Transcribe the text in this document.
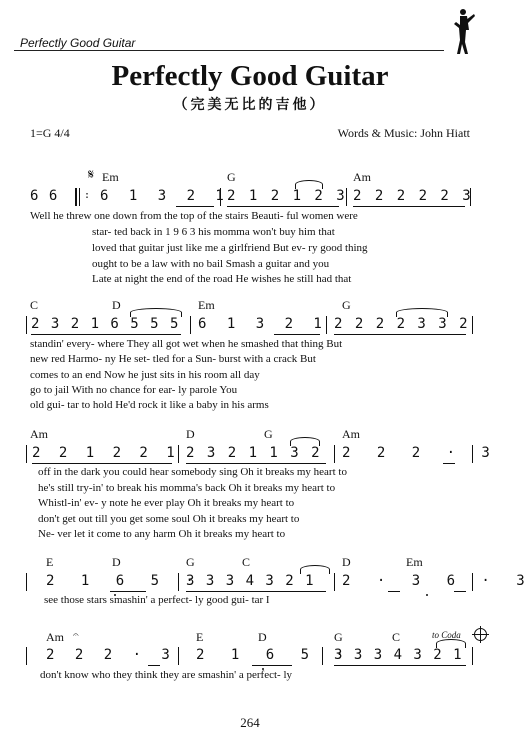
Perfectly Good Guitar
Perfectly Good Guitar
（完美无比的吉他）
1=G 4/4	Words & Music: John Hiatt
𝄋 Em	G	Am
6 6	: 6 1 3 2 1 2 1 2 1 2 3 2 2 2 2 2 3
Well he threw one down from the top of the stairs Beauti- ful women were
star- ted back in 1 9 6 3 his momma won't buy him that
loved that guitar just like me a girlfriend But ev- ry good thing
ought to be a law with no bail Smash a guitar and you
Late at night the end of the road He wishes he still had that
C	D	Em	G
2 3 2 1 6 5 5 5 6 1 3 2 1 2 2 2 2 3 3 2
standin' every- where They all got wet when he smashed that thing But
new red Harmo- ny He set- tled for a Sun- burst with a crack But
comes to an end Now he just sits in his room all day
go to jail With no chance for ear- ly parole You
old gui- tar to hold He'd rock it like a baby in his arms
Am	D	G	Am
2 2 1 2 2 1 2 3 2 1 1 3 2 2 2 2 · 3
off in the dark you could hear somebody sing Oh it breaks my heart to
he's still try-in' to break his momma's back Oh it breaks my heart to
Whistl-in' ev- y note he ever play Oh it breaks my heart to
don't get out till you get some soul Oh it breaks my heart to
Ne- ver let it come to any harm Oh it breaks my heart to
E	D	G	C	D	Em
2 1 6 5 ·
3 3 3 4 3 2 1 2 · 3 6 · 3
see those stars smashin' a perfect- ly good gui- tar I
𝄐
Am	E	D	G	C	to Coda
2 2 2 · 3 2 1 6 5 ·
3 3 3 4 3 2 1
don't know who they think they are smashin' a perfect- ly
264
